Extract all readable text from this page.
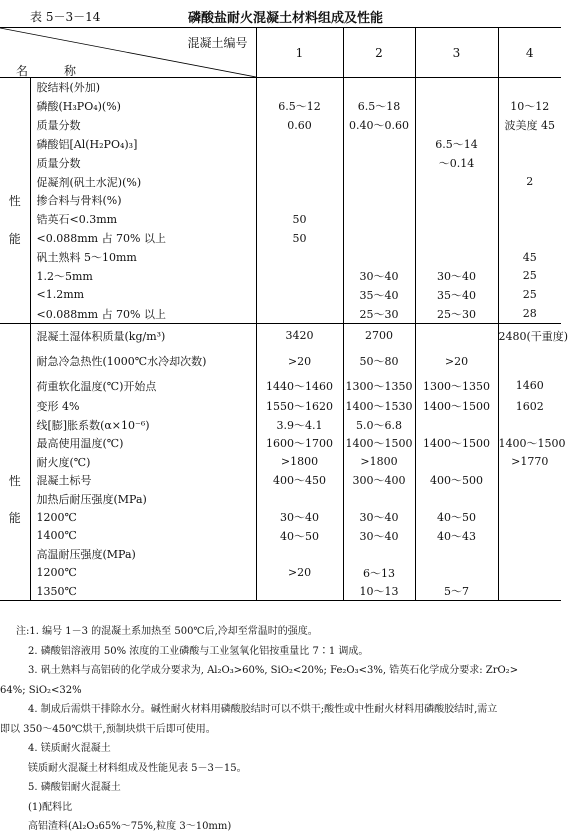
表 5－3－14	磷酸盐耐火混凝土材料组成及性能
混凝土编号
名　称		1	2	3	4
	胶结料(外加)				
	磷酸(H₃PO₄)(%)	6.5～12	6.5～18		10～12
	质量分数	0.60	0.40～0.60		波美度 45
	磷酸铝[Al(H₂PO₄)₃]			6.5～14	
	质量分数			～0.14	
	促凝剂(矾土水泥)(%)				2
性	掺合料与骨料(%)				
	锆英石<0.3mm	50			
能	<0.088mm 占 70% 以上	50			
	矾土熟料 5～10mm				45
	1.2～5mm		30～40	30～40	25
	<1.2mm		35～40	35～40	25
	<0.088mm 占 70% 以上		25～30	25～30	28
	混凝土湿体积质量(kg/m³)	3420	2700		2480(干重度)
	耐急冷急热性(1000℃水冷却次数)	>20	50～80	>20	
	荷重软化温度(℃)开始点	1440～1460	1300～1350	1300～1350	1460
	变形 4%	1550～1620	1400～1530	1400～1500	1602
	线[膨]胀系数(α×10⁻⁶)	3.9～4.1	5.0～6.8		
	最高使用温度(℃)	1600～1700	1400～1500	1400～1500	1400～1500
	耐火度(℃)	>1800	>1800		>1770
性	混凝土标号	400～450	300～400	400～500	
	加热后耐压强度(MPa)				
能	1200℃	30～40	30～40	40～50	
	1400℃	40～50	30～40	40～43	
	高温耐压强度(MPa)				
	1200℃	>20	6～13		
	1350℃		10～13	5～7	
注:1. 编号 1－3 的混凝土系加热至 500℃后,冷却至常温时的强度。
2. 磷酸铝溶液用 50% 浓度的工业磷酸与工业氢氧化铝按重量比 7∶1 调成。
3. 矾土熟料与高铝砖的化学成分要求为, Al₂O₃>60%, SiO₂<20%; Fe₂O₃<3%, 锆英石化学成分要求: ZrO₂>
64%; SiO₂<32%
4. 制成后需烘干排除水分。碱性耐火材料用磷酸胶结时可以不烘干;酸性或中性耐火材料用磷酸胶结时,需立
即以 350～450℃烘干,预制块烘干后即可使用。
4. 镁质耐火混凝土
镁质耐火混凝土材料组成及性能见表 5－3－15。
5. 磷酸铝耐火混凝土
(1)配料比
高铝渣料(Al₂O₃65%～75%,粒度 3～10mm)
